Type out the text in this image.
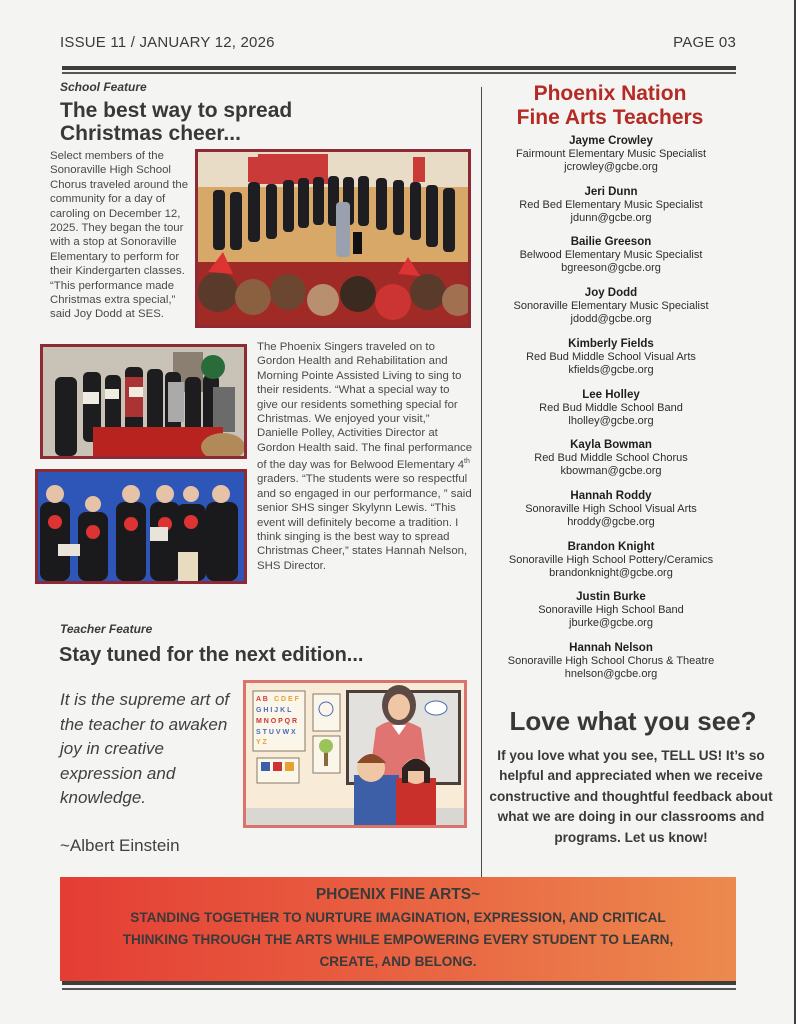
ISSUE 11 / JANUARY 12, 2026	PAGE 03
School Feature
The best way to spread
Christmas cheer...
Select members of the Sonoraville High School Chorus traveled around the community for a day of caroling on December 12, 2025. They began the tour with a stop at Sonoraville Elementary to perform for their Kindergarten classes. “This performance made Christmas extra special,” said Joy Dodd at SES.
The Phoenix Singers traveled on to Gordon Health and Rehabilitation and Morning Pointe Assisted Living to sing to their residents. “What a special way to give our residents something special for Christmas. We enjoyed your visit,” Danielle Polley, Activities Director at Gordon Health said. The final performance of the day was for Belwood Elementary 4th graders. “The students were so respectful and so engaged in our performance, ” said senior SHS singer Skylynn Lewis. “This event will definitely become a tradition. I think singing is the best way to spread Christmas Cheer,” states Hannah Nelson, SHS Director.
Teacher Feature
Stay tuned for the next edition...
It is the supreme art of the teacher to awaken joy in creative expression and knowledge.
~Albert Einstein
A B C D E F
G H I J K L
M N O P Q R
S T U V W X
Y Z
Phoenix Nation
Fine Arts Teachers
Jayme Crowley
Fairmount Elementary Music Specialist
jcrowley@gcbe.org
Jeri Dunn
Red Bed Elementary Music Specialist
jdunn@gcbe.org
Bailie Greeson
Belwood Elementary Music Specialist
bgreeson@gcbe.org
Joy Dodd
Sonoraville Elementary Music Specialist
jdodd@gcbe.org
Kimberly Fields
Red Bud Middle School Visual Arts
kfields@gcbe.org
Lee Holley
Red Bud Middle School Band
lholley@gcbe.org
Kayla Bowman
Red Bud Middle School Chorus
kbowman@gcbe.org
Hannah Roddy
Sonoraville High School Visual Arts
hroddy@gcbe.org
Brandon Knight
Sonoraville High School Pottery/Ceramics
brandonknight@gcbe.org
Justin Burke
Sonoraville High School Band
jburke@gcbe.org
Hannah Nelson
Sonoraville High School Chorus & Theatre
hnelson@gcbe.org
Love what you see?
If you love what you see, TELL US! It’s so helpful and appreciated when we receive constructive and thoughtful feedback about what we are doing in our classrooms and programs. Let us know!
PHOENIX FINE ARTS~
STANDING TOGETHER TO NURTURE IMAGINATION, EXPRESSION, AND CRITICAL THINKING THROUGH THE ARTS WHILE EMPOWERING EVERY STUDENT TO LEARN, CREATE, AND BELONG.
